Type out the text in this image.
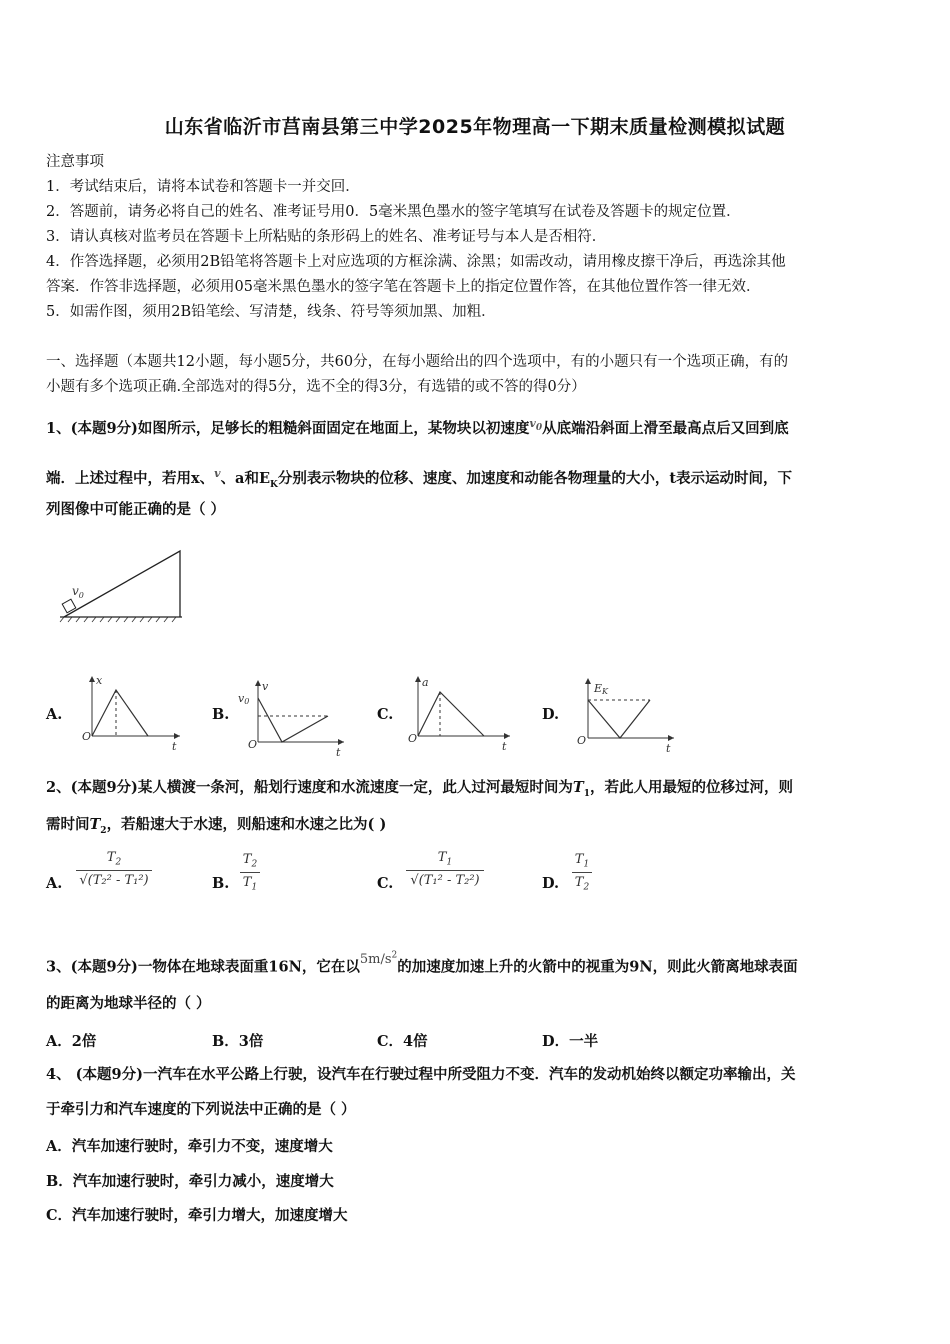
山东省临沂市莒南县第三中学2025年物理高一下期末质量检测模拟试题
注意事项
1．考试结束后，请将本试卷和答题卡一并交回．
2．答题前，请务必将自己的姓名、准考证号用0．5毫米黑色墨水的签字笔填写在试卷及答题卡的规定位置．
3．请认真核对监考员在答题卡上所粘贴的条形码上的姓名、准考证号与本人是否相符．
4．作答选择题，必须用2B铅笔将答题卡上对应选项的方框涂满、涂黑；如需改动，请用橡皮擦干净后，再选涂其他
答案．作答非选择题，必须用05毫米黑色墨水的签字笔在答题卡上的指定位置作答，在其他位置作答一律无效．
5．如需作图，须用2B铅笔绘、写清楚，线条、符号等须加黑、加粗．
一、选择题（本题共12小题，每小题5分，共60分，在每小题给出的四个选项中，有的小题只有一个选项正确，有的
小题有多个选项正确.全部选对的得5分，选不全的得3分，有选错的或不答的得0分）
1、(本题9分)如图所示，足够长的粗糙斜面固定在地面上，某物块以初速度$^{v_0}$从底端沿斜面上滑至最高点后又回到底
端．上述过程中，若用x、$^v$、a和$E_K$分别表示物块的位移、速度、加速度和动能各物理量的大小，t表示运动时间，下
列图像中可能正确的是（ ）
$v_0$
A.
x
O
t
B.
v
v0
O
t
C.
a
O
t
D.
EK
O
t
2、(本题9分)某人横渡一条河，船划行速度和水流速度一定，此人过河最短时间为$T_1$，若此人用最短的位移过河，则
需时间$T_2$，若船速大于水速，则船速和水速之比为( )
A.
$T_2$
√(T₂² - T₁²)	B.
$T_2$
$T_1$	C.
$T_1$
√(T₁² - T₂²)	D.
$T_1$
$T_2$
3、(本题9分)一物体在地球表面重16N，它在以$5m/s^2$的加速度加速上升的火箭中的视重为9N，则此火箭离地球表面
的距离为地球半径的（ ）
A．2倍	B．3倍	C．4倍	D．一半
4、 (本题9分)一汽车在水平公路上行驶，设汽车在行驶过程中所受阻力不变．汽车的发动机始终以额定功率输出，关
于牵引力和汽车速度的下列说法中正确的是（ ）
A．汽车加速行驶时，牵引力不变，速度增大
B．汽车加速行驶时，牵引力减小，速度增大
C．汽车加速行驶时，牵引力增大，加速度增大
